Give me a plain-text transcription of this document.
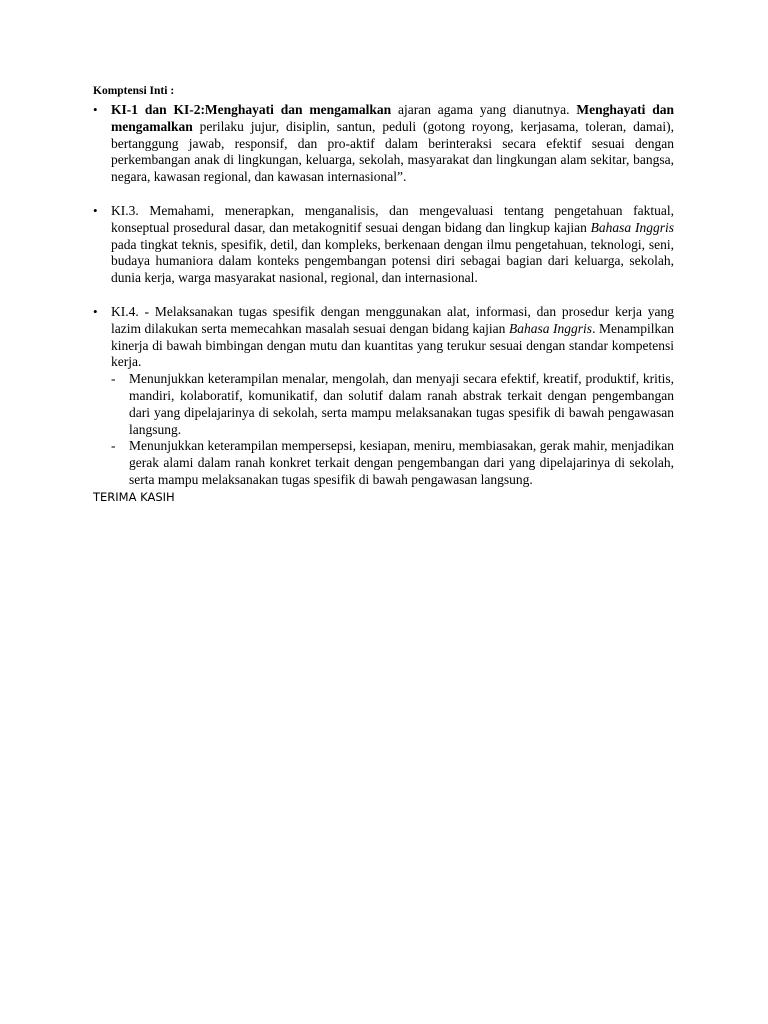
Komptensi Inti :

• KI-1 dan KI-2:Menghayati dan mengamalkan ajaran agama yang dianutnya. Menghayati dan mengamalkan perilaku jujur, disiplin, santun, peduli (gotong royong, kerjasama, toleran, damai), bertanggung jawab, responsif, dan pro-aktif dalam berinteraksi secara efektif sesuai dengan perkembangan anak di lingkungan, keluarga, sekolah, masyarakat dan lingkungan alam sekitar, bangsa, negara, kawasan regional, dan kawasan internasional”.
• KI.3. Memahami, menerapkan, menganalisis, dan mengevaluasi tentang pengetahuan faktual, konseptual prosedural dasar, dan metakognitif sesuai dengan bidang dan lingkup kajian Bahasa Inggris pada tingkat teknis, spesifik, detil, dan kompleks, berkenaan dengan ilmu pengetahuan, teknologi, seni, budaya humaniora dalam konteks pengembangan potensi diri sebagai bagian dari keluarga, sekolah, dunia kerja, warga masyarakat nasional, regional, dan internasional.
• KI.4. - Melaksanakan tugas spesifik dengan menggunakan alat, informasi, dan prosedur kerja yang lazim dilakukan serta memecahkan masalah sesuai dengan bidang kajian Bahasa Inggris. Menampilkan kinerja di bawah bimbingan dengan mutu dan kuantitas yang terukur sesuai dengan standar kompetensi kerja.
- Menunjukkan keterampilan menalar, mengolah, dan menyaji secara efektif, kreatif, produktif, kritis, mandiri, kolaboratif, komunikatif, dan solutif dalam ranah abstrak terkait dengan pengembangan dari yang dipelajarinya di sekolah, serta mampu melaksanakan tugas spesifik di bawah pengawasan langsung.
- Menunjukkan keterampilan mempersepsi, kesiapan, meniru, membiasakan, gerak mahir, menjadikan gerak alami dalam ranah konkret terkait dengan pengembangan dari yang dipelajarinya di sekolah, serta mampu melaksanakan tugas spesifik di bawah pengawasan langsung.
TERIMA KASIH
